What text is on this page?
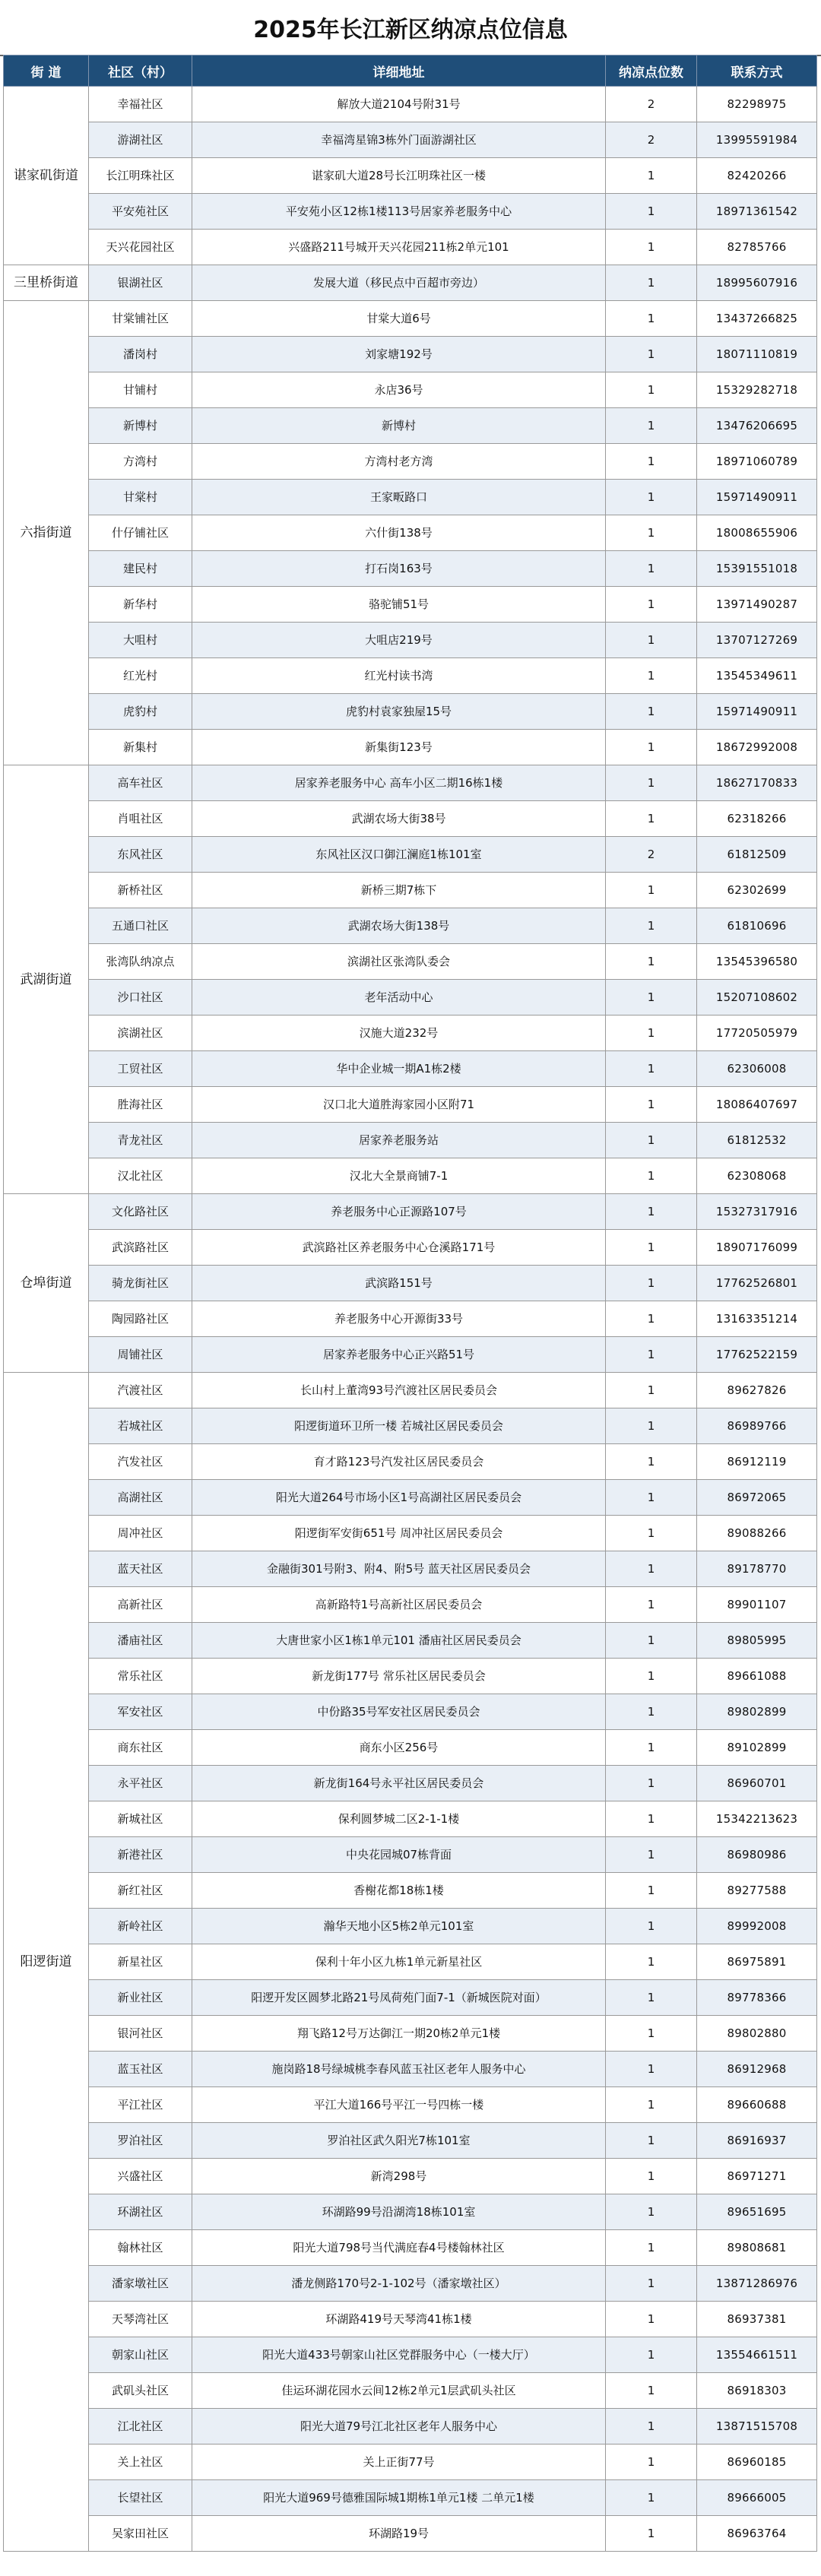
2025年长江新区纳凉点位信息
街 道	社区（村）	详细地址	纳凉点位数	联系方式
谌家矶街道	幸福社区	解放大道2104号附31号	2	82298975
	游湖社区	幸福湾星锦3栋外门面游湖社区	2	13995591984
	长江明珠社区	谌家矶大道28号长江明珠社区一楼	1	82420266
	平安苑社区	平安苑小区12栋1楼113号居家养老服务中心	1	18971361542
	天兴花园社区	兴盛路211号城开天兴花园211栋2单元101	1	82785766
三里桥街道	银湖社区	发展大道（移民点中百超市旁边）	1	18995607916
六指街道	甘棠铺社区	甘棠大道6号	1	13437266825
	潘岗村	刘家塘192号	1	18071110819
	甘铺村	永店36号	1	15329282718
	新博村	新博村	1	13476206695
	方湾村	方湾村老方湾	1	18971060789
	甘棠村	王家畈路口	1	15971490911
	什仔铺社区	六什街138号	1	18008655906
	建民村	打石岗163号	1	15391551018
	新华村	骆驼铺51号	1	13971490287
	大咀村	大咀店219号	1	13707127269
	红光村	红光村读书湾	1	13545349611
	虎豹村	虎豹村袁家独屋15号	1	15971490911
	新集村	新集街123号	1	18672992008
武湖街道	高车社区	居家养老服务中心 高车小区二期16栋1楼	1	18627170833
	肖咀社区	武湖农场大街38号	1	62318266
	东风社区	东风社区汉口御江澜庭1栋101室	2	61812509
	新桥社区	新桥三期7栋下	1	62302699
	五通口社区	武湖农场大街138号	1	61810696
	张湾队纳凉点	滨湖社区张湾队委会	1	13545396580
	沙口社区	老年活动中心	1	15207108602
	滨湖社区	汉施大道232号	1	17720505979
	工贸社区	华中企业城一期A1栋2楼	1	62306008
	胜海社区	汉口北大道胜海家园小区附71	1	18086407697
	青龙社区	居家养老服务站	1	61812532
	汉北社区	汉北大全景商铺7-1	1	62308068
仓埠街道	文化路社区	养老服务中心正源路107号	1	15327317916
	武滨路社区	武滨路社区养老服务中心仓溪路171号	1	18907176099
	骑龙街社区	武滨路151号	1	17762526801
	陶园路社区	养老服务中心开源街33号	1	13163351214
	周铺社区	居家养老服务中心正兴路51号	1	17762522159
阳逻街道	汽渡社区	长山村上董湾93号汽渡社区居民委员会	1	89627826
	若城社区	阳逻街道环卫所一楼 若城社区居民委员会	1	86989766
	汽发社区	育才路123号汽发社区居民委员会	1	86912119
	高湖社区	阳光大道264号市场小区1号高湖社区居民委员会	1	86972065
	周冲社区	阳逻街军安街651号 周冲社区居民委员会	1	89088266
	蓝天社区	金融街301号附3、附4、附5号 蓝天社区居民委员会	1	89178770
	高新社区	高新路特1号高新社区居民委员会	1	89901107
	潘庙社区	大唐世家小区1栋1单元101 潘庙社区居民委员会	1	89805995
	常乐社区	新龙街177号 常乐社区居民委员会	1	89661088
	军安社区	中份路35号军安社区居民委员会	1	89802899
	商东社区	商东小区256号	1	89102899
	永平社区	新龙街164号永平社区居民委员会	1	86960701
	新城社区	保利圆梦城二区2-1-1楼	1	15342213623
	新港社区	中央花园城07栋背面	1	86980986
	新红社区	香榭花都18栋1楼	1	89277588
	新岭社区	瀚华天地小区5栋2单元101室	1	89992008
	新星社区	保利十年小区九栋1单元新星社区	1	86975891
	新业社区	阳逻开发区圆梦北路21号凤荷苑门面7-1（新城医院对面）	1	89778366
	银河社区	翔飞路12号万达御江一期20栋2单元1楼	1	89802880
	蓝玉社区	施岗路18号绿城桃李春风蓝玉社区老年人服务中心	1	86912968
	平江社区	平江大道166号平江一号四栋一楼	1	89660688
	罗泊社区	罗泊社区武久阳光7栋101室	1	86916937
	兴盛社区	新湾298号	1	86971271
	环湖社区	环湖路99号沿湖湾18栋101室	1	89651695
	翰林社区	阳光大道798号当代满庭春4号楼翰林社区	1	89808681
	潘家墩社区	潘龙侧路170号2-1-102号（潘家墩社区）	1	13871286976
	天琴湾社区	环湖路419号天琴湾41栋1楼	1	86937381
	朝家山社区	阳光大道433号朝家山社区党群服务中心（一楼大厅）	1	13554661511
	武矶头社区	佳运环湖花园水云间12栋2单元1层武矶头社区	1	86918303
	江北社区	阳光大道79号江北社区老年人服务中心	1	13871515708
	关上社区	关上正街77号	1	86960185
	长望社区	阳光大道969号德雅国际城1期栋1单元1楼 二单元1楼	1	89666005
	吴家田社区	环湖路19号	1	86963764
